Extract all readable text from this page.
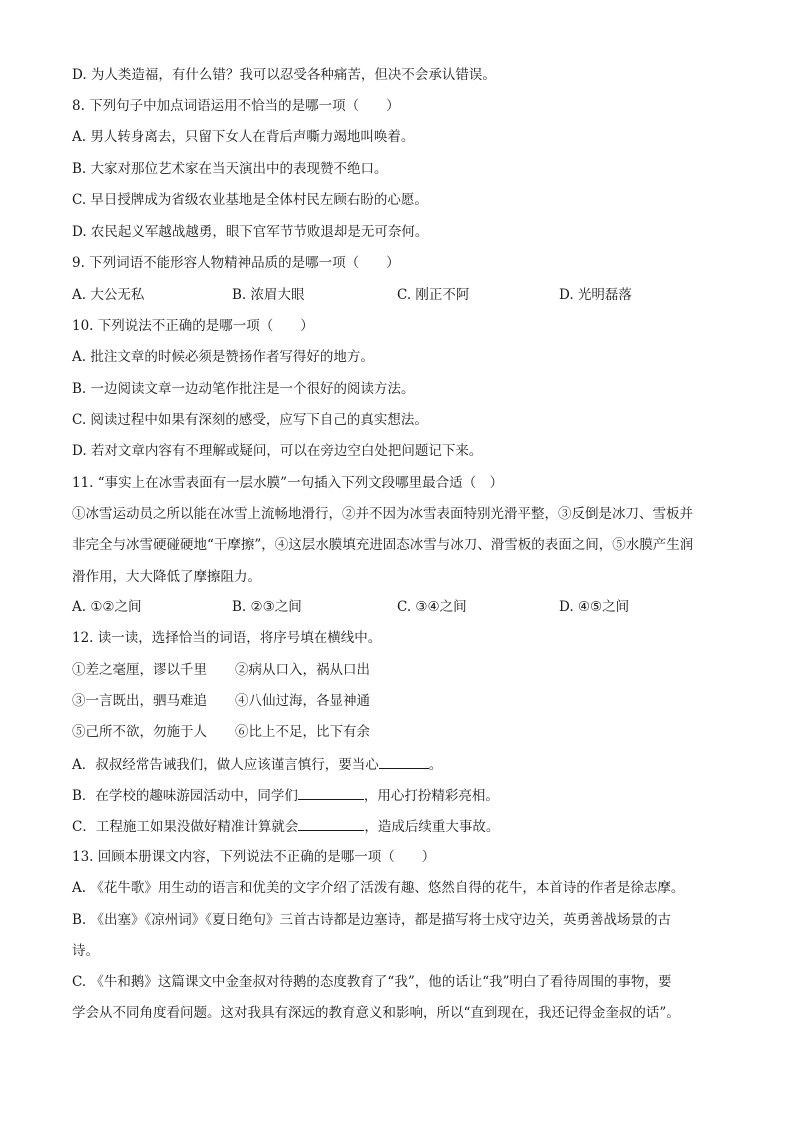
D. 为人类造福，有什么错？我可以忍受各种痛苦，但决不会承认错误。
8. 下列句子中加点词语运用不恰当的是哪一项（　　）
A. 男人转身离去，只留下女人在背后声嘶力竭地叫唤着。
B. 大家对那位艺术家在当天演出中的表现赞不绝口。
C. 早日授牌成为省级农业基地是全体村民左顾右盼的心愿。
D. 农民起义军越战越勇，眼下官军节节败退却是无可奈何。
9. 下列词语不能形容人物精神品质的是哪一项（　　）
A. 大公无私	B. 浓眉大眼	C. 刚正不阿	D. 光明磊落
10. 下列说法不正确的是哪一项（　　）
A. 批注文章的时候必须是赞扬作者写得好的地方。
B. 一边阅读文章一边动笔作批注是一个很好的阅读方法。
C. 阅读过程中如果有深刻的感受，应写下自己的真实想法。
D. 若对文章内容有不理解或疑问，可以在旁边空白处把问题记下来。
11. “事实上在冰雪表面有一层水膜”一句插入下列文段哪里最合适（　）
①冰雪运动员之所以能在冰雪上流畅地滑行，②并不因为冰雪表面特别光滑平整，③反倒是冰刀、雪板并
非完全与冰雪硬碰硬地“干摩擦”，④这层水膜填充进固态冰雪与冰刀、滑雪板的表面之间，⑤水膜产生润
滑作用，大大降低了摩擦阻力。
A. ①②之间	B. ②③之间	C. ③④之间	D. ④⑤之间
12. 读一读，选择恰当的词语，将序号填在横线中。
①差之毫厘，谬以千里 ②病从口入，祸从口出
③一言既出，驷马难追 ④八仙过海，各显神通
⑤己所不欲，勿施于人 ⑥比上不足，比下有余
A．叔叔经常告诫我们，做人应该谨言慎行，要当心	。
B．在学校的趣味游园活动中，同学们	，用心打扮精彩亮相。
C．工程施工如果没做好精准计算就会	，造成后续重大事故。
13. 回顾本册课文内容，下列说法不正确的是哪一项（　　）
A. 《花牛歌》用生动的语言和优美的文字介绍了活泼有趣、悠然自得的花牛，本首诗的作者是徐志摩。
B. 《出塞》《凉州词》《夏日绝句》三首古诗都是边塞诗，都是描写将士戍守边关，英勇善战场景的古
诗。
C. 《牛和鹅》这篇课文中金奎叔对待鹅的态度教育了“我”，他的话让“我”明白了看待周围的事物，要
学会从不同角度看问题。这对我具有深远的教育意义和影响，所以“直到现在，我还记得金奎叔的话”。
